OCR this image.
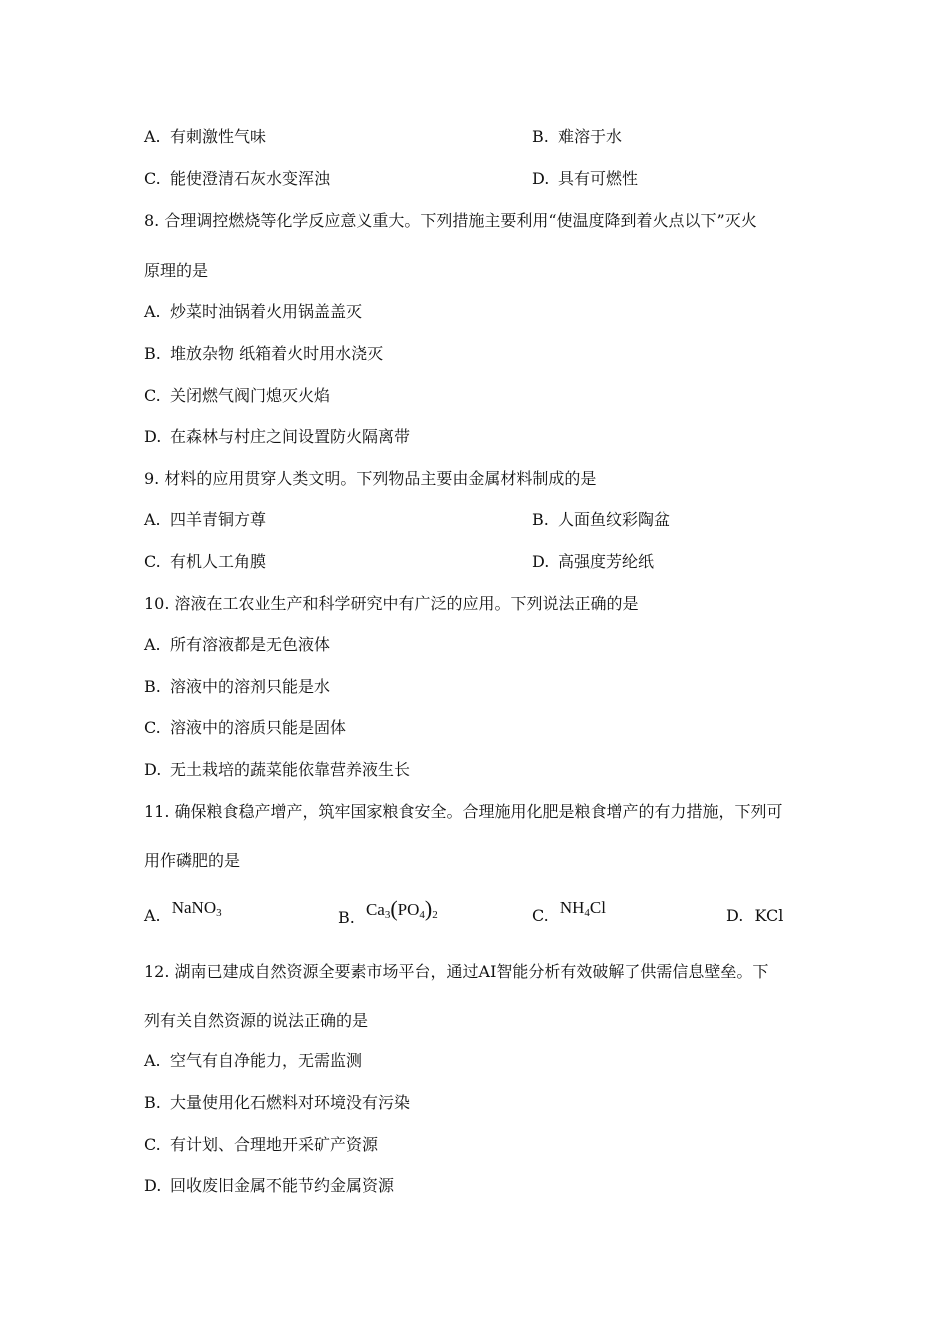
A. 有刺激性气味	B. 难溶于水
C. 能使澄清石灰水变浑浊	D. 具有可燃性
8. 合理调控燃烧等化学反应意义重大。下列措施主要利用“使温度降到着火点以下”灭火
原理的是
A. 炒菜时油锅着火用锅盖盖灭
B. 堆放杂物 纸箱着火时用水浇灭
C. 关闭燃气阀门熄灭火焰
D. 在森林与村庄之间设置防火隔离带
9. 材料的应用贯穿人类文明。下列物品主要由金属材料制成的是
A. 四羊青铜方尊	B. 人面鱼纹彩陶盆
C. 有机人工角膜	D. 高强度芳纶纸
10. 溶液在工农业生产和科学研究中有广泛的应用。下列说法正确的是
A. 所有溶液都是无色液体
B. 溶液中的溶剂只能是水
C. 溶液中的溶质只能是固体
D. 无土栽培的蔬菜能依靠营养液生长
11. 确保粮食稳产增产，筑牢国家粮食安全。合理施用化肥是粮食增产的有力措施，下列可
用作磷肥的是
A. NaNO$_3$	B. $Ca_3(PO_4)_2$	C. $NH_4Cl$	D. KCl
12. 湖南已建成自然资源全要素市场平台，通过AI智能分析有效破解了供需信息壁垒。下
列有关自然资源的说法正确的是
A. 空气有自净能力，无需监测
B. 大量使用化石燃料对环境没有污染
C. 有计划、合理地开采矿产资源
D. 回收废旧金属不能节约金属资源
